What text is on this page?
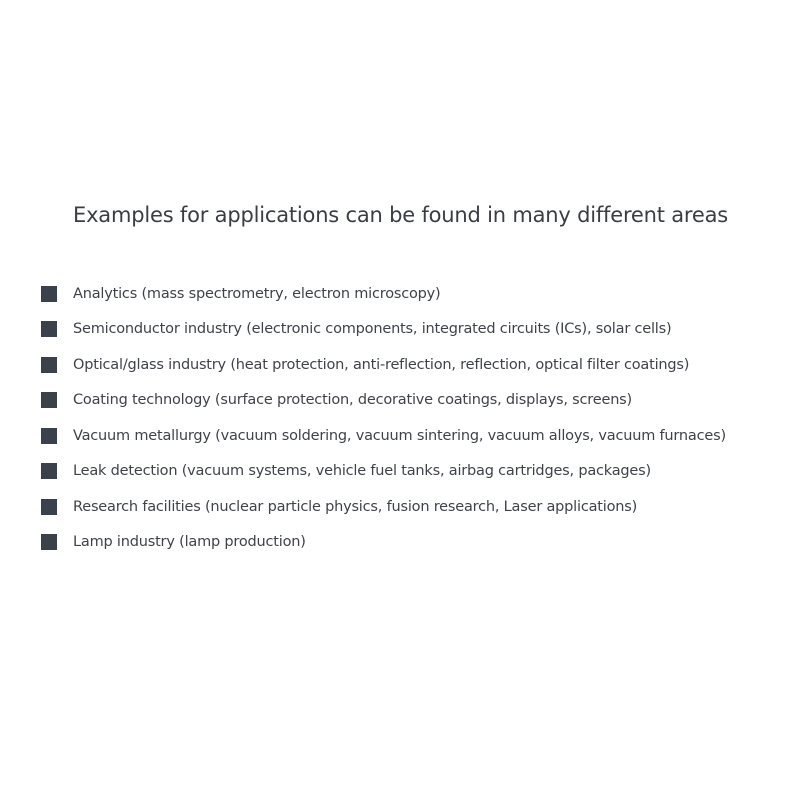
Examples for applications can be found in many different areas
Analytics (mass spectrometry, electron microscopy)
Semiconductor industry (electronic components, integrated circuits (ICs), solar cells)
Optical/glass industry (heat protection, anti-reflection, reflection, optical filter coatings)
Coating technology (surface protection, decorative coatings, displays, screens)
Vacuum metallurgy (vacuum soldering, vacuum sintering, vacuum alloys, vacuum furnaces)
Leak detection (vacuum systems, vehicle fuel tanks, airbag cartridges, packages)
Research facilities (nuclear particle physics, fusion research, Laser applications)
Lamp industry (lamp production)
